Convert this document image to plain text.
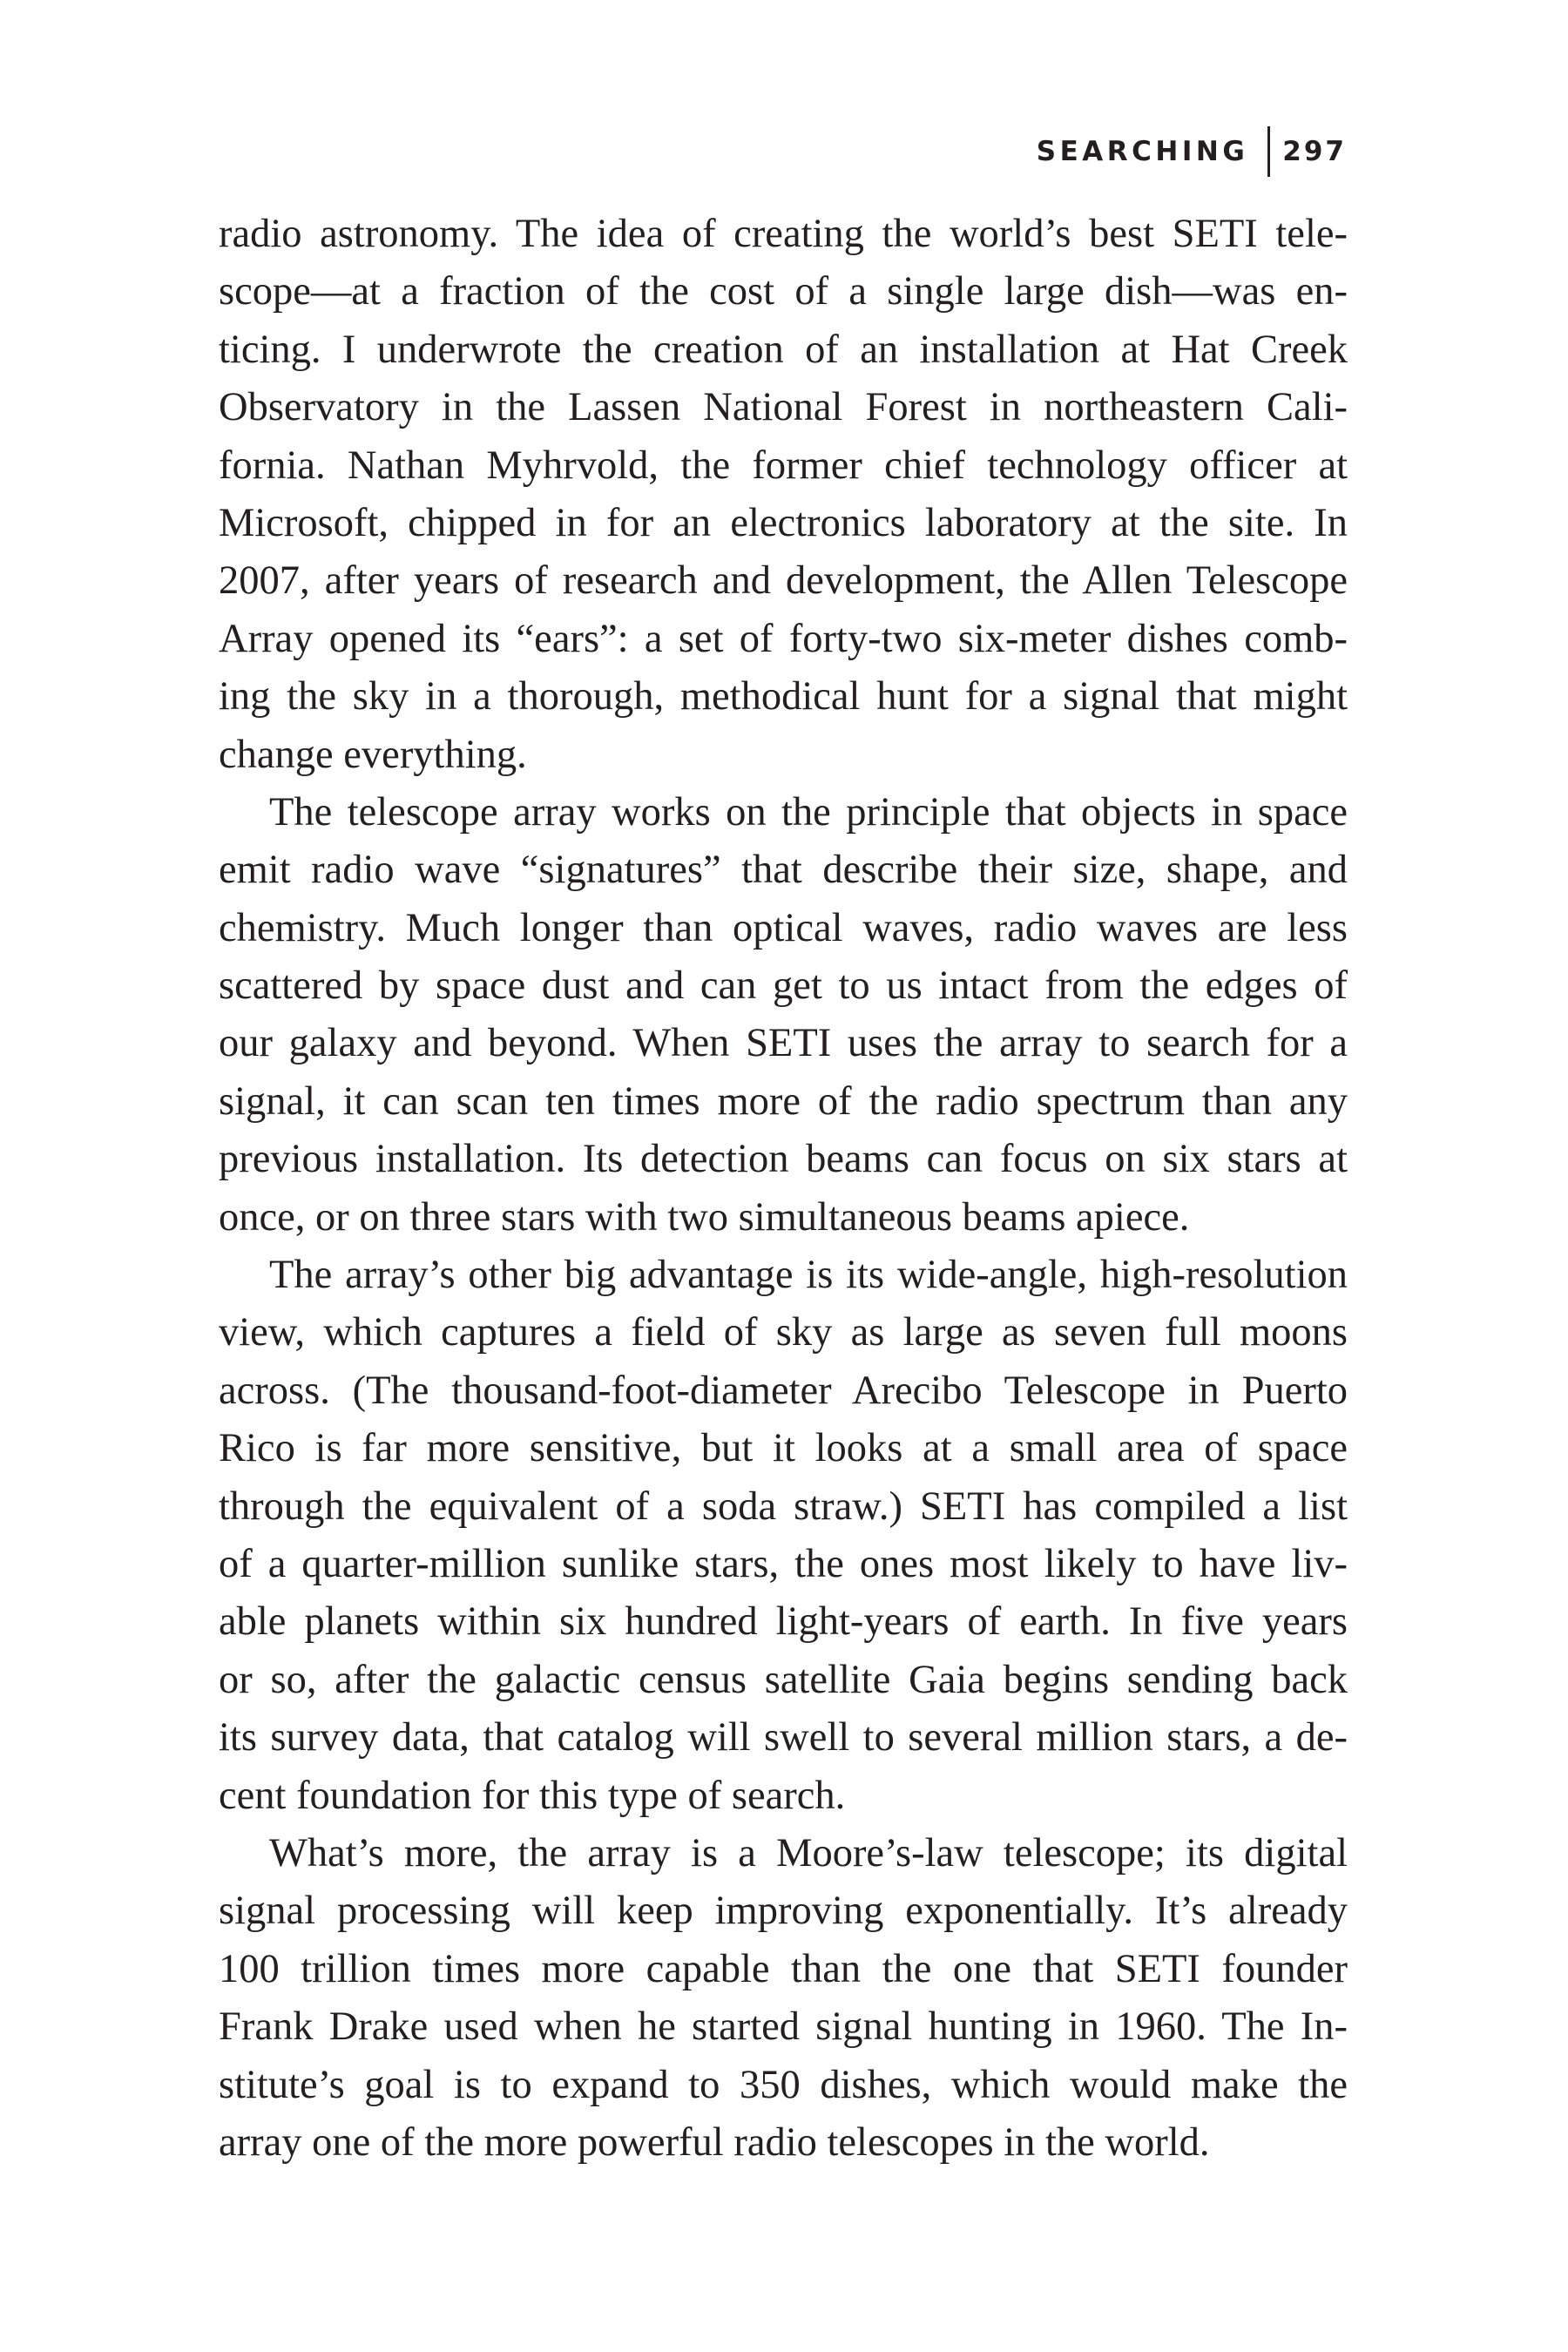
SEARCHING	297
radio astronomy. The idea of creating the world’s best SETI tele-
scope—at a fraction of the cost of a single large dish—was en-
ticing. I underwrote the creation of an installation at Hat Creek
Observatory in the Lassen National Forest in northeastern Cali-
fornia. Nathan Myhrvold, the former chief technology officer at
Microsoft, chipped in for an electronics laboratory at the site. In
2007, after years of research and development, the Allen Telescope
Array opened its “ears”: a set of forty-two six-meter dishes comb-
ing the sky in a thorough, methodical hunt for a signal that might
change everything.
The telescope array works on the principle that objects in space
emit radio wave “signatures” that describe their size, shape, and
chemistry. Much longer than optical waves, radio waves are less
scattered by space dust and can get to us intact from the edges of
our galaxy and beyond. When SETI uses the array to search for a
signal, it can scan ten times more of the radio spectrum than any
previous installation. Its detection beams can focus on six stars at
once, or on three stars with two simultaneous beams apiece.
The array’s other big advantage is its wide-angle, high-resolution
view, which captures a field of sky as large as seven full moons
across. (The thousand-foot-diameter Arecibo Telescope in Puerto
Rico is far more sensitive, but it looks at a small area of space
through the equivalent of a soda straw.) SETI has compiled a list
of a quarter-million sunlike stars, the ones most likely to have liv-
able planets within six hundred light-years of earth. In five years
or so, after the galactic census satellite Gaia begins sending back
its survey data, that catalog will swell to several million stars, a de-
cent foundation for this type of search.
What’s more, the array is a Moore’s-law telescope; its digital
signal processing will keep improving exponentially. It’s already
100 trillion times more capable than the one that SETI founder
Frank Drake used when he started signal hunting in 1960. The In-
stitute’s goal is to expand to 350 dishes, which would make the
array one of the more powerful radio telescopes in the world.
